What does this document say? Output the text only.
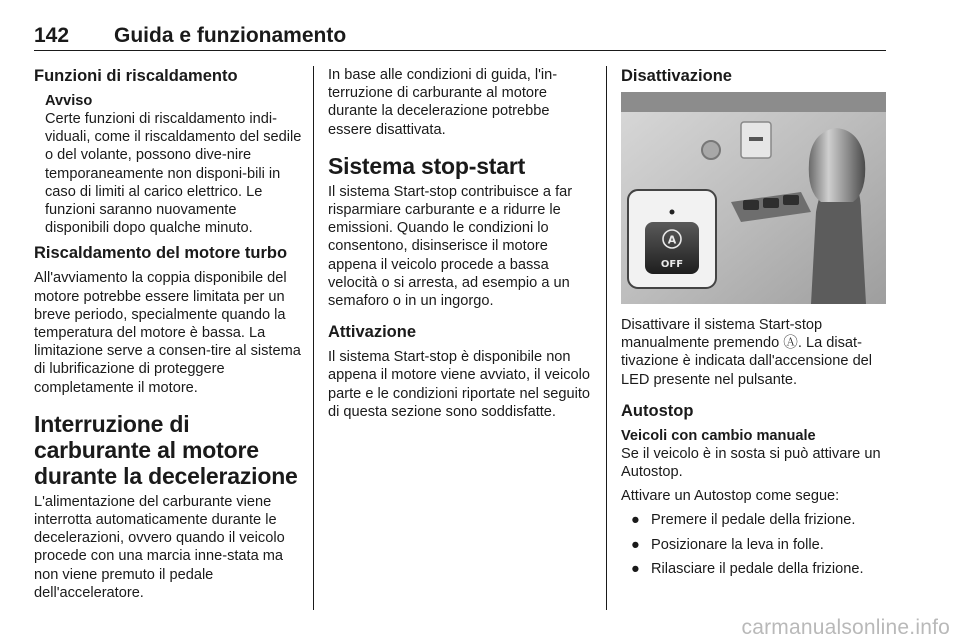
142 Guida e funzionamento
Funzioni di riscaldamento
Avviso

Certe funzioni di riscaldamento indi-viduali, come il riscaldamento del sedile o del volante, possono dive-nire temporaneamente non disponi-bili in caso di limiti al carico elettrico. Le funzioni saranno nuovamente disponibili dopo qualche minuto.

Riscaldamento del motore turbo

All'avviamento la coppia disponibile del motore potrebbe essere limitata per un breve periodo, specialmente quando la temperatura del motore è bassa. La limitazione serve a consen-tire al sistema di lubrificazione di proteggere completamente il motore.

Interruzione di carburante al motore durante la decelerazione

L'alimentazione del carburante viene interrotta automaticamente durante le decelerazioni, ovvero quando il veicolo procede con una marcia inne-stata ma non viene premuto il pedale dell'acceleratore.

In base alle condizioni di guida, l'in-terruzione di carburante al motore durante la decelerazione potrebbe essere disattivata.

Sistema stop-start

Il sistema Start-stop contribuisce a far risparmiare carburante e a ridurre le emissioni. Quando le condizioni lo consentono, disinserisce il motore appena il veicolo procede a bassa velocità o si arresta, ad esempio a un semaforo o in un ingorgo.

Attivazione

Il sistema Start-stop è disponibile non appena il motore viene avviato, il veicolo parte e le condizioni riportate nel seguito di questa sezione sono soddisfatte.

Disattivazione
A
OFF

Disattivare il sistema Start-stop manualmente premendo Ⓐ. La disat-tivazione è indicata dall'accensione del LED presente nel pulsante.

Autostop
Veicoli con cambio manuale

Se il veicolo è in sosta si può attivare un Autostop.

Attivare un Autostop come segue:

● Premere il pedale della frizione.
● Posizionare la leva in folle.
● Rilasciare il pedale della frizione.
carmanualsonline.info
